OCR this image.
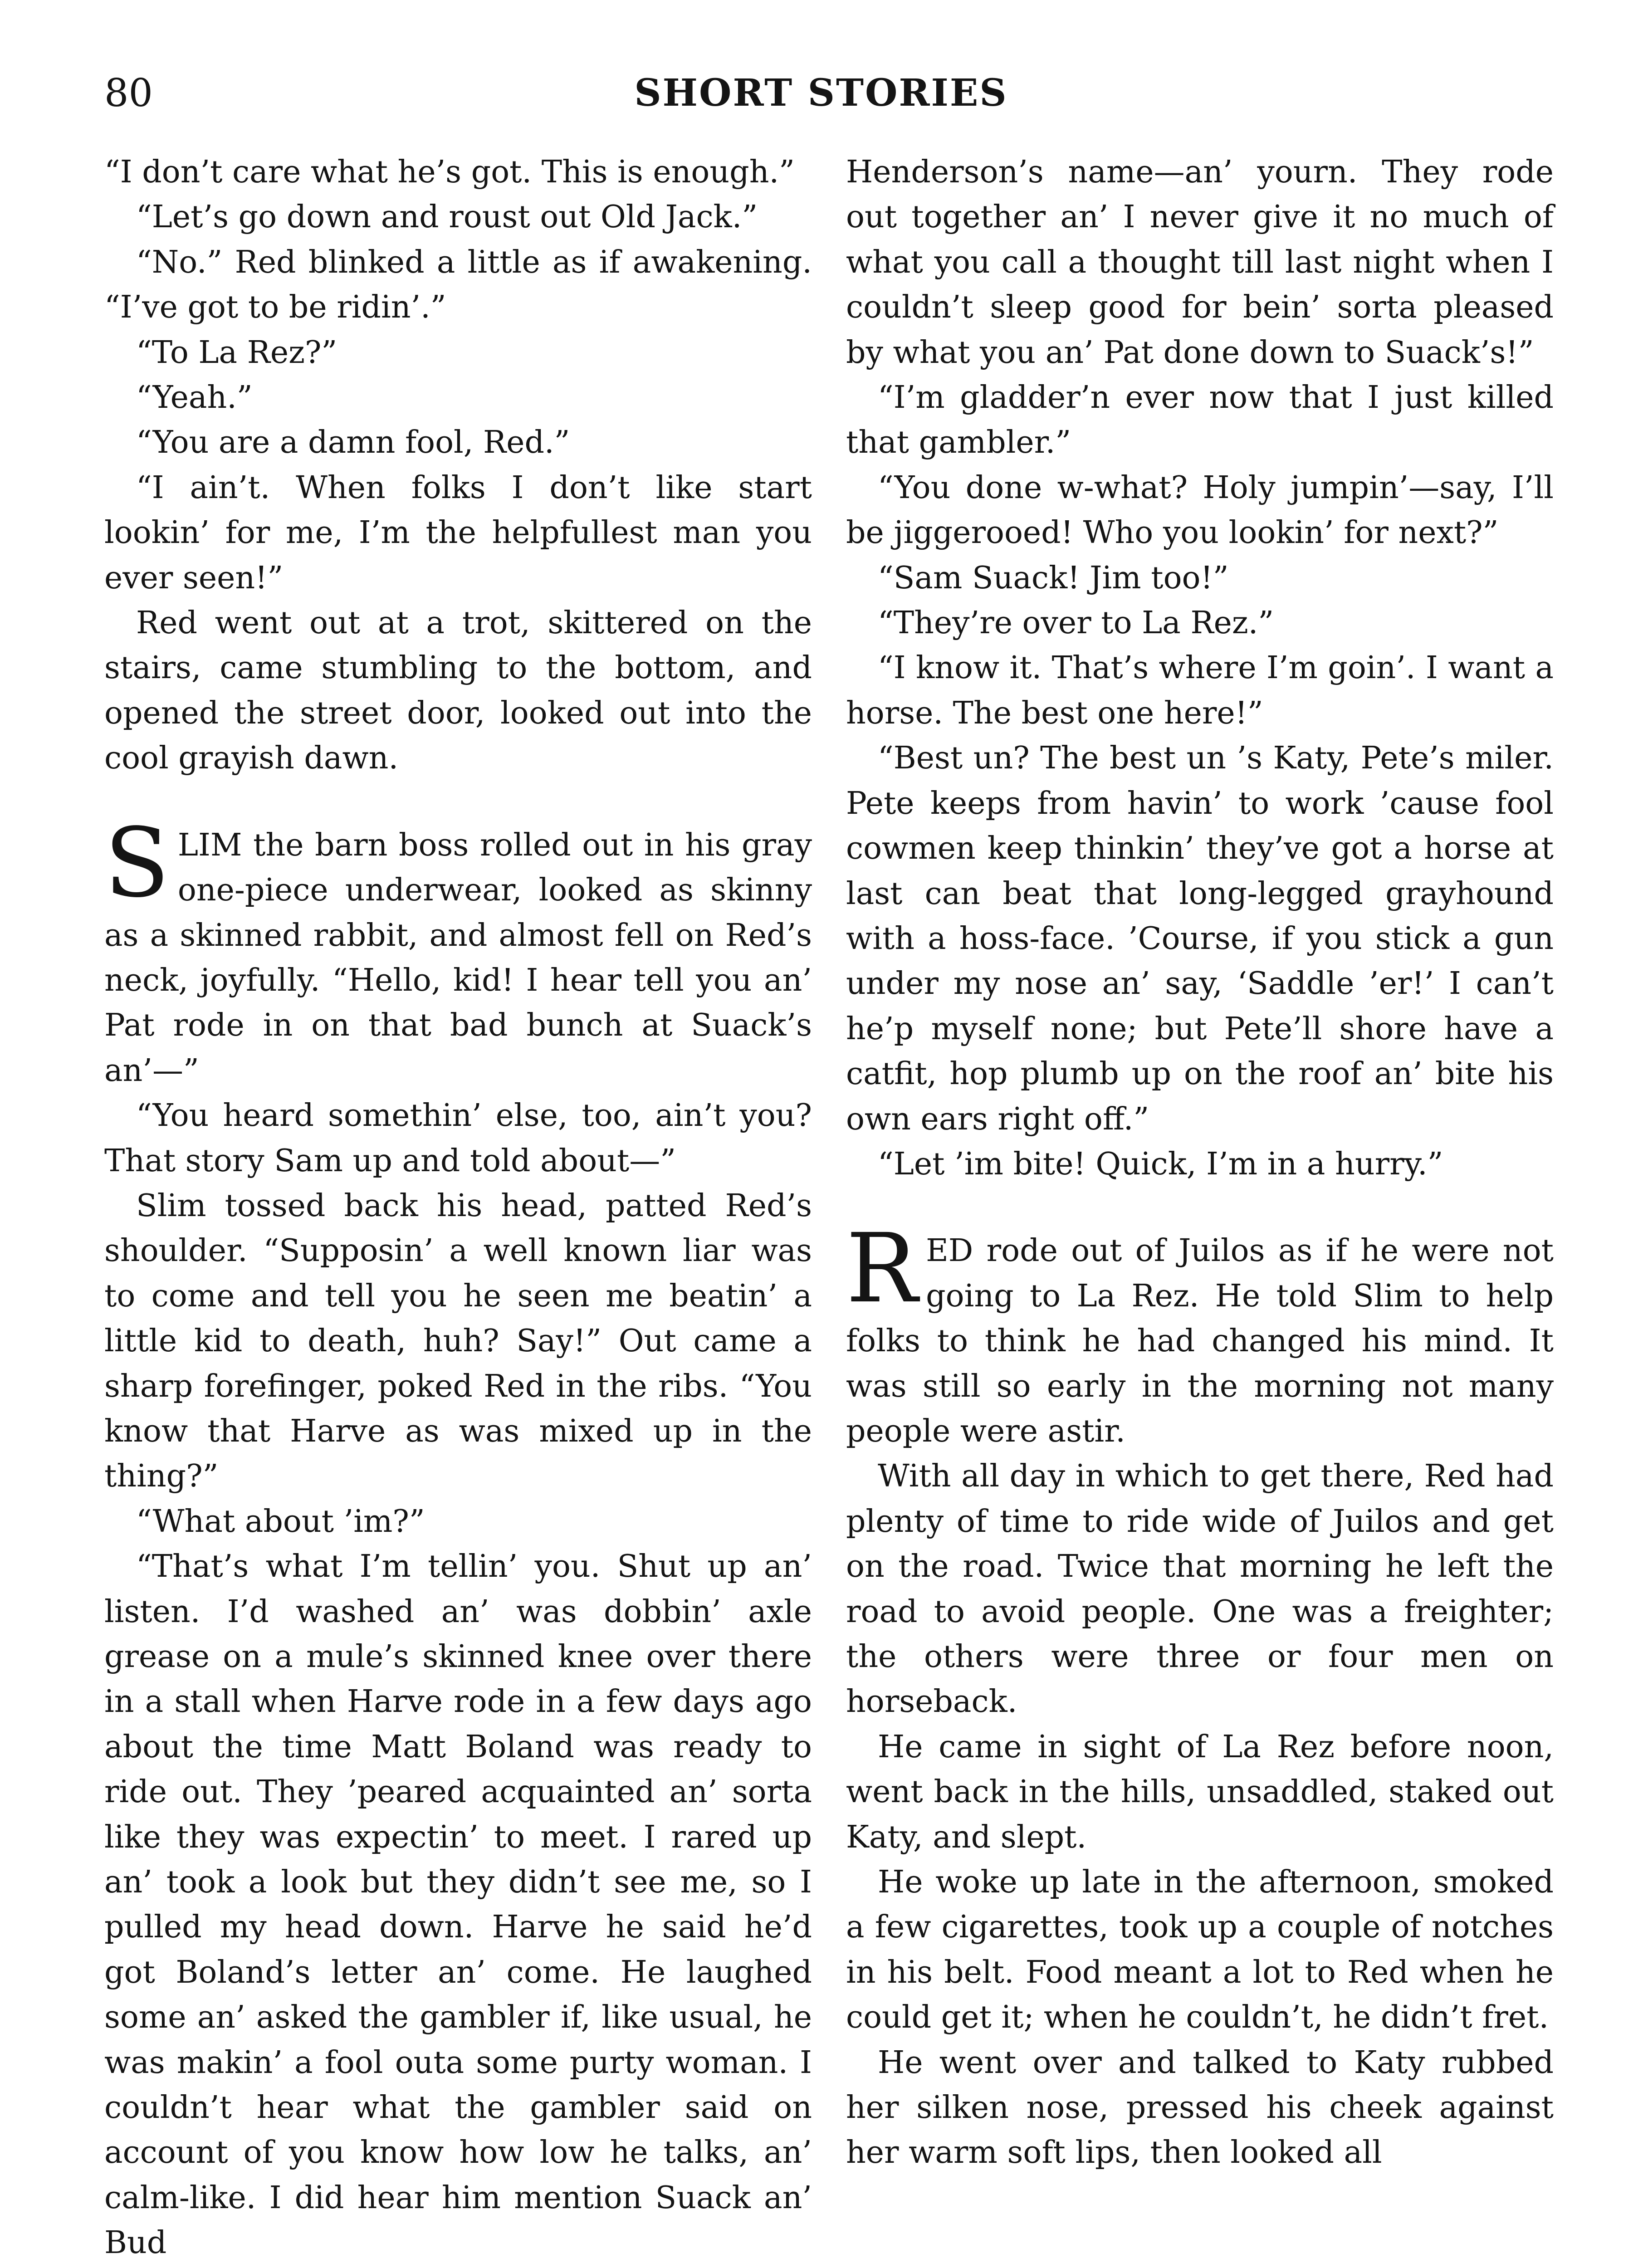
80	SHORT STORIES

“I don’t care what he’s got. This is enough.”

“Let’s go down and roust out Old Jack.”

“No.” Red blinked a little as if awakening. “I’ve got to be ridin’.”

“To La Rez?”

“Yeah.”

“You are a damn fool, Red.”

“I ain’t. When folks I don’t like start lookin’ for me, I’m the helpfullest man you ever seen!”

Red went out at a trot, skittered on the stairs, came stumbling to the bottom, and opened the street door, looked out into the cool grayish dawn.

SLIM the barn boss rolled out in his gray one-piece underwear, looked as skinny as a skinned rabbit, and almost fell on Red’s neck, joyfully. “Hello, kid! I hear tell you an’ Pat rode in on that bad bunch at Suack’s an’—”

“You heard somethin’ else, too, ain’t you? That story Sam up and told about—”

Slim tossed back his head, patted Red’s shoulder. “Supposin’ a well known liar was to come and tell you he seen me beatin’ a little kid to death, huh? Say!” Out came a sharp forefinger, poked Red in the ribs. “You know that Harve as was mixed up in the thing?”

“What about ’im?”

“That’s what I’m tellin’ you. Shut up an’ listen. I’d washed an’ was dobbin’ axle grease on a mule’s skinned knee over there in a stall when Harve rode in a few days ago about the time Matt Boland was ready to ride out. They ’peared acquainted an’ sorta like they was expectin’ to meet. I rared up an’ took a look but they didn’t see me, so I pulled my head down. Harve he said he’d got Boland’s letter an’ come. He laughed some an’ asked the gambler if, like usual, he was makin’ a fool outa some purty woman. I couldn’t hear what the gambler said on account of you know how low he talks, an’ calm-like. I did hear him mention Suack an’ Bud

Henderson’s name—an’ yourn. They rode out together an’ I never give it no much of what you call a thought till last night when I couldn’t sleep good for bein’ sorta pleased by what you an’ Pat done down to Suack’s!”

“I’m gladder’n ever now that I just killed that gambler.”

“You done w-what? Holy jumpin’—say, I’ll be jiggerooed! Who you lookin’ for next?”

“Sam Suack! Jim too!”

“They’re over to La Rez.”

“I know it. That’s where I’m goin’. I want a horse. The best one here!”

“Best un? The best un ’s Katy, Pete’s miler. Pete keeps from havin’ to work ’cause fool cowmen keep thinkin’ they’ve got a horse at last can beat that long-legged grayhound with a hoss-face. ’Course, if you stick a gun under my nose an’ say, ‘Saddle ’er!’ I can’t he’p myself none; but Pete’ll shore have a catfit, hop plumb up on the roof an’ bite his own ears right off.”

“Let ’im bite! Quick, I’m in a hurry.”

RED rode out of Juilos as if he were not going to La Rez. He told Slim to help folks to think he had changed his mind. It was still so early in the morning not many people were astir.

With all day in which to get there, Red had plenty of time to ride wide of Juilos and get on the road. Twice that morning he left the road to avoid people. One was a freighter; the others were three or four men on horseback.

He came in sight of La Rez before noon, went back in the hills, unsaddled, staked out Katy, and slept.

He woke up late in the afternoon, smoked a few cigarettes, took up a couple of notches in his belt. Food meant a lot to Red when he could get it; when he couldn’t, he didn’t fret.

He went over and talked to Katy rubbed her silken nose, pressed his cheek against her warm soft lips, then looked all
